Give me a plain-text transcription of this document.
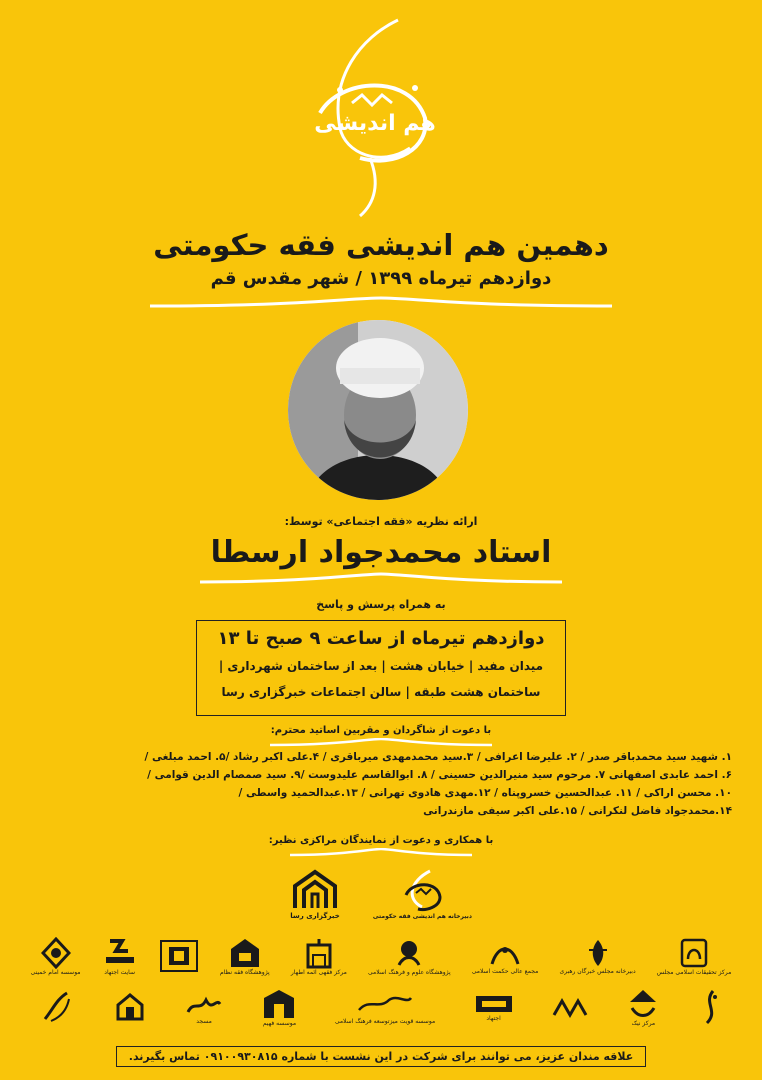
هم اندیشی
دهمین هم اندیشی فقه حکومتی
دوازدهم تیرماه ۱۳۹۹ / شهر مقدس قم
ارائه نظریه «فقه اجتماعی» توسط:
استاد محمدجواد ارسطا
به همراه پرسش و پاسخ
دوازدهم تیرماه از ساعت ۹ صبح تا ۱۳
میدان مفید | خیابان هشت | بعد از ساختمان شهرداری |
ساختمان هشت طبقه | سالن اجتماعات خبرگزاری رسا
با دعوت از شاگردان و مقربین اساتید محترم:
۱. شهید سید محمدباقر صدر / ۲. علیرضا اعرافی / ۳.سید محمدمهدی میرباقری / ۴.علی اکبر رشاد /۵. احمد مبلغی /
۶. احمد عابدی اصفهانی ۷. مرحوم سید منیرالدین حسینی / ۸. ابوالقاسم علیدوست /۹. سید صمصام الدین قوامی /
۱۰. محسن اراکی / ۱۱. عبدالحسین خسروپناه / ۱۲.مهدی هادوی تهرانی / ۱۳.عبدالحمید واسطی /
۱۴.محمدجواد فاضل لنکرانی / ۱۵.علی اکبر سیفی مازندرانی
با همکاری و دعوت از نمایندگان مراکزی نظیر:
خبرگزاری رسا	دبیرخانه هم اندیشی فقه حکومتی
موسسه امام خمینی	سایت اجتهاد	پژوهشگاه فقه نظام	مرکز فقهی ائمه اطهار	پژوهشگاه علوم و فرهنگ اسلامی	مجمع عالی حکمت اسلامی	دبیرخانه مجلس خبرگان رهبری	مرکز تحقیقات اسلامی مجلس
مسجد	موسسه فهیم	موسسه قویت میزتوسعه فرهنگ اسلامی	اجتهاد
مرکز نیک
علاقه مندان عزیز، می توانند برای شرکت در این نشست با شماره ۰۹۱۰۰۹۳۰۸۱۵ تماس بگیرند.
